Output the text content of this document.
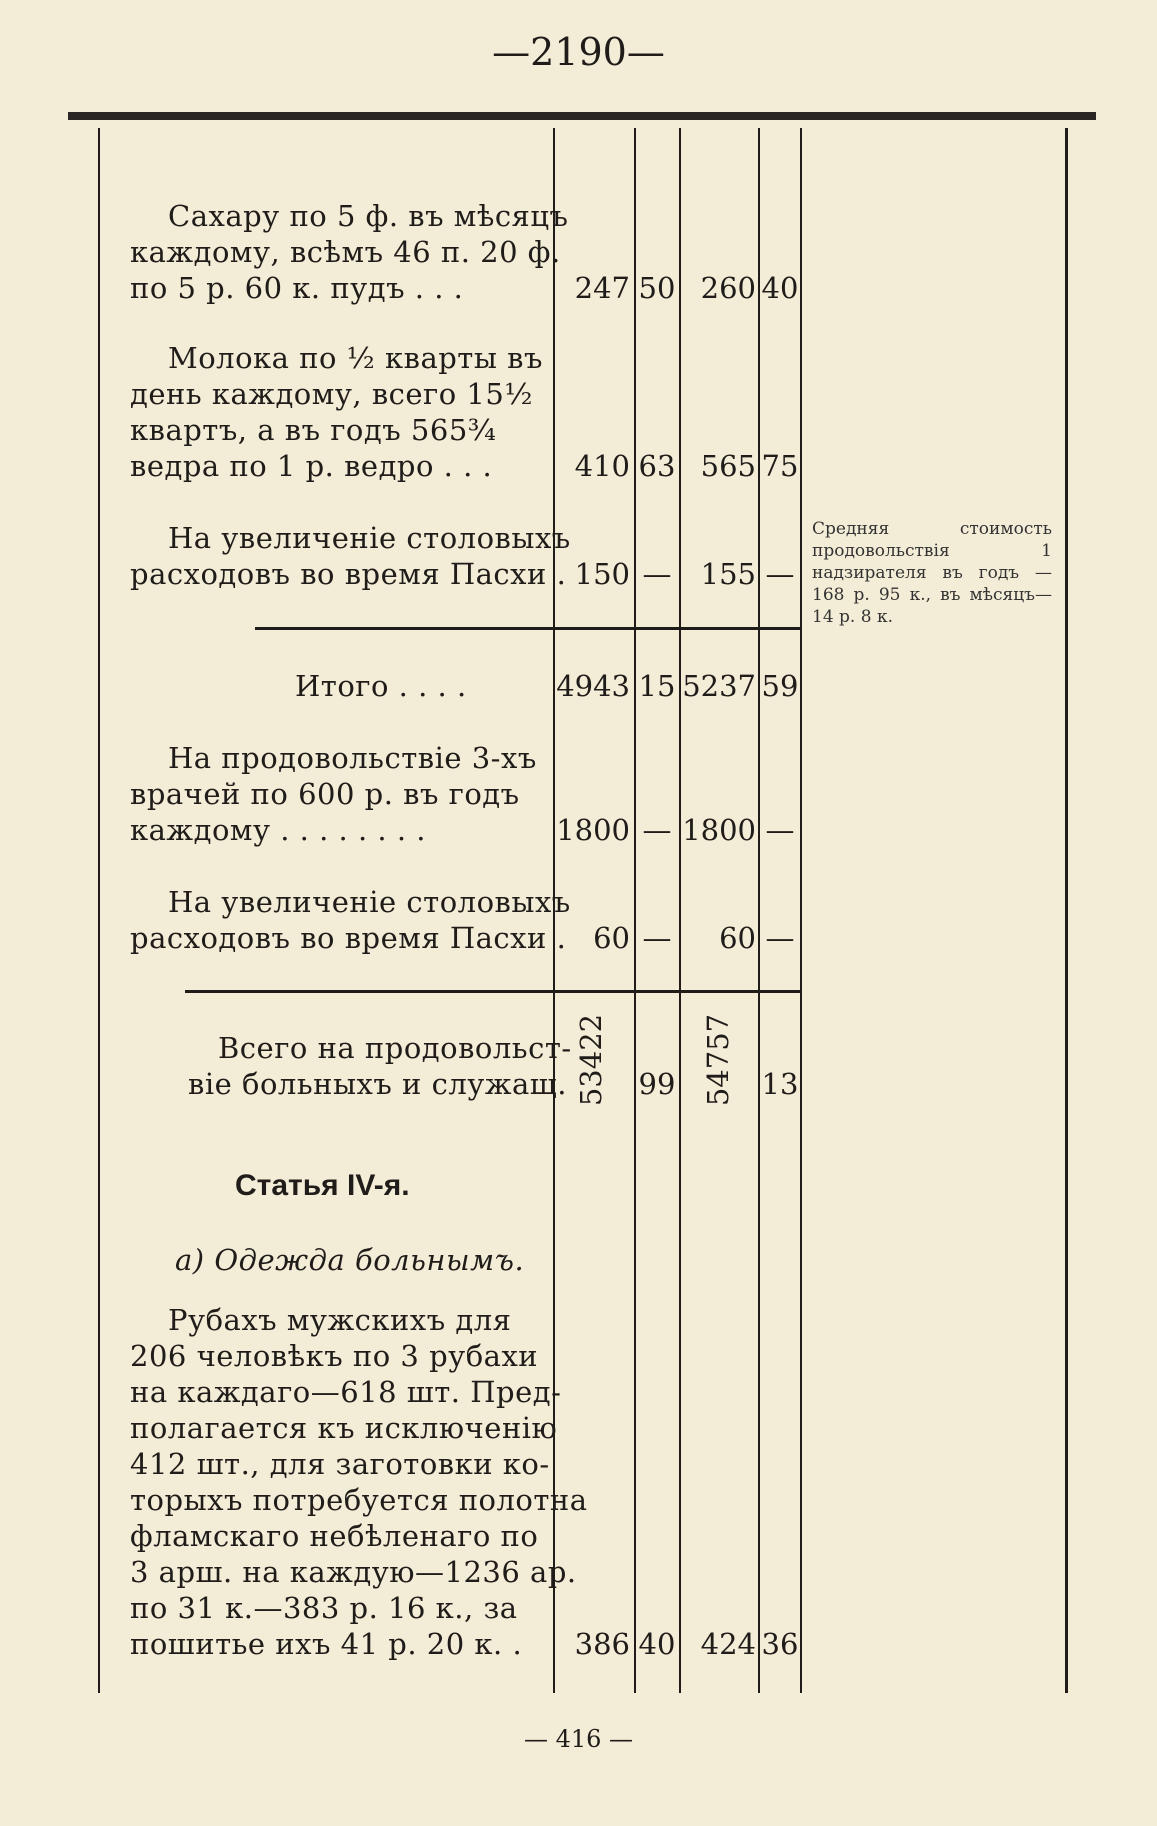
—2190—
Сахару по 5 ф. въ мѣсяцъ
каждому, всѣмъ 46 п. 20 ф.
по 5 р. 60 к. пудъ . . .	247 50 260 40
Молока по ½ кварты въ
день каждому, всего 15½
квартъ, а въ годъ 565¾
ведра по 1 р. ведро . . .	410 63 565 75
На увеличеніе столовыхъ
расходовъ во время Пасхи . 150 —	155 —
Средняя стоимость продовольствія 1 надзирателя въ годъ — 168 р. 95 к., въ мѣсяцъ—14 р. 8 к.
Итого . . . .	4943 15 5237 59
На продовольствіе 3-хъ
врачей по 600 р. въ годъ
каждому . . . . . . . .	1800 — 1800 —
На увеличеніе столовыхъ
расходовъ во время Пасхи . 60 —	60 —
Всего на продовольст-
віе больныхъ и служащ. 53422 99 54757 13
Статья IV-я.
а) Одежда больнымъ.
Рубахъ мужскихъ для
206 человѣкъ по 3 рубахи
на каждаго—618 шт. Пред-
полагается къ исключенію
412 шт., для заготовки ко-
торыхъ потребуется полотна
фламскаго небѣленаго по
3 арш. на каждую—1236 ар.
по 31 к.—383 р. 16 к., за
пошитье ихъ 41 р. 20 к. .	386 40 424 36
— 416 —
